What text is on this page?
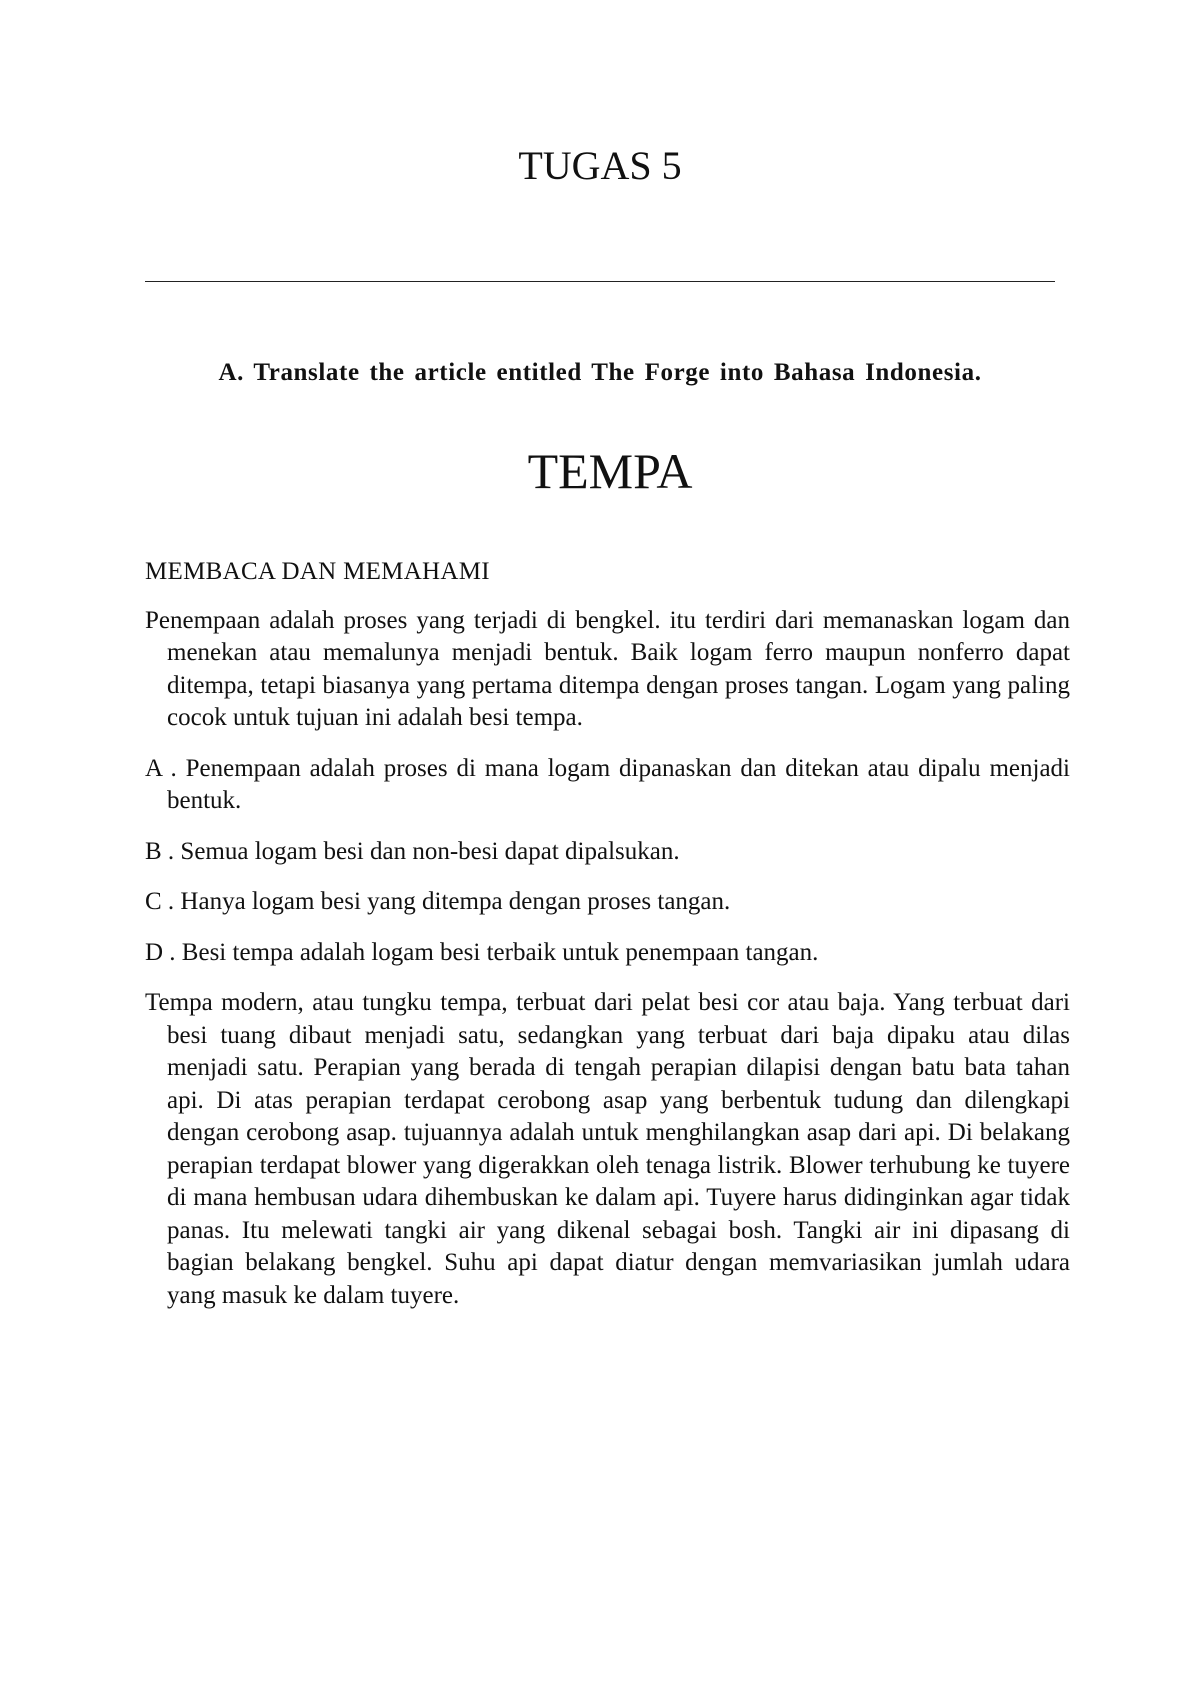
TUGAS 5
A. Translate the article entitled The Forge into Bahasa Indonesia.
TEMPA

MEMBACA DAN MEMAHAMI

Penempaan adalah proses yang terjadi di bengkel. itu terdiri dari memanaskan logam dan menekan atau memalunya menjadi bentuk. Baik logam ferro maupun nonferro dapat ditempa, tetapi biasanya yang pertama ditempa dengan proses tangan. Logam yang paling cocok untuk tujuan ini adalah besi tempa.

A . Penempaan adalah proses di mana logam dipanaskan dan ditekan atau dipalu menjadi bentuk.

B . Semua logam besi dan non-besi dapat dipalsukan.

C . Hanya logam besi yang ditempa dengan proses tangan.

D . Besi tempa adalah logam besi terbaik untuk penempaan tangan.

Tempa modern, atau tungku tempa, terbuat dari pelat besi cor atau baja. Yang terbuat dari besi tuang dibaut menjadi satu, sedangkan yang terbuat dari baja dipaku atau dilas menjadi satu. Perapian yang berada di tengah perapian dilapisi dengan batu bata tahan api. Di atas perapian terdapat cerobong asap yang berbentuk tudung dan dilengkapi dengan cerobong asap. tujuannya adalah untuk menghilangkan asap dari api. Di belakang perapian terdapat blower yang digerakkan oleh tenaga listrik. Blower terhubung ke tuyere di mana hembusan udara dihembuskan ke dalam api. Tuyere harus didinginkan agar tidak panas. Itu melewati tangki air yang dikenal sebagai bosh. Tangki air ini dipasang di bagian belakang bengkel. Suhu api dapat diatur dengan memvariasikan jumlah udara yang masuk ke dalam tuyere.
